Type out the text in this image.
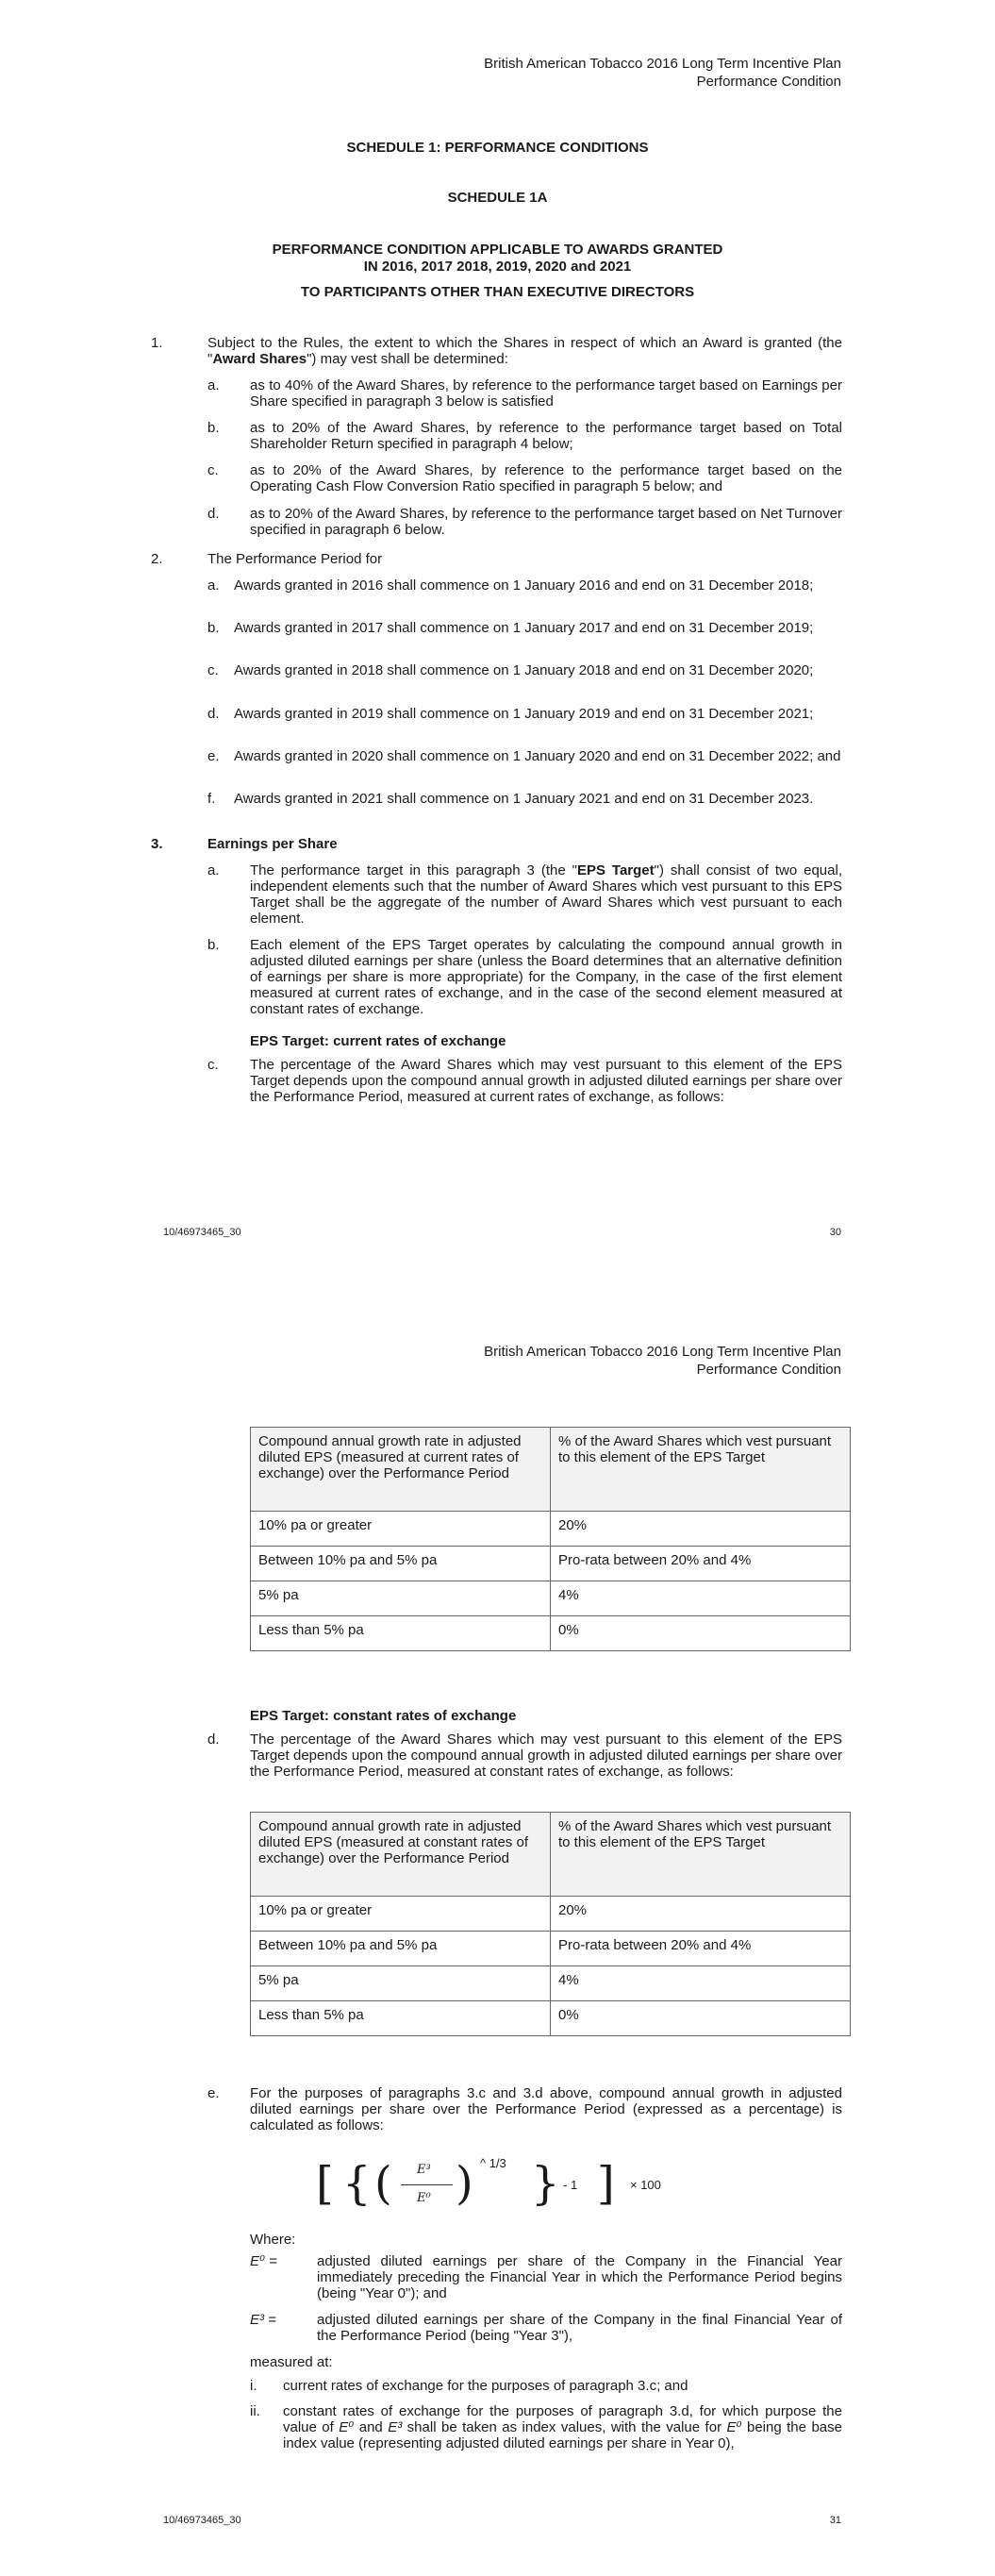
British American Tobacco 2016 Long Term Incentive Plan
Performance Condition
SCHEDULE 1: PERFORMANCE CONDITIONS
SCHEDULE 1A
PERFORMANCE CONDITION APPLICABLE TO AWARDS GRANTED
IN 2016, 2017 2018, 2019, 2020 and 2021
TO PARTICIPANTS OTHER THAN EXECUTIVE DIRECTORS
1.	Subject to the Rules, the extent to which the Shares in respect of which an Award is granted (the "Award Shares") may vest shall be determined:
a. as to 40% of the Award Shares, by reference to the performance target based on Earnings per Share specified in paragraph 3 below is satisfied
b. as to 20% of the Award Shares, by reference to the performance target based on Total Shareholder Return specified in paragraph 4 below;
c. as to 20% of the Award Shares, by reference to the performance target based on the Operating Cash Flow Conversion Ratio specified in paragraph 5 below; and
d. as to 20% of the Award Shares, by reference to the performance target based on Net Turnover specified in paragraph 6 below.
2.	The Performance Period for
a. Awards granted in 2016 shall commence on 1 January 2016 and end on 31 December 2018;
b. Awards granted in 2017 shall commence on 1 January 2017 and end on 31 December 2019;
c. Awards granted in 2018 shall commence on 1 January 2018 and end on 31 December 2020;
d. Awards granted in 2019 shall commence on 1 January 2019 and end on 31 December 2021;
e. Awards granted in 2020 shall commence on 1 January 2020 and end on 31 December 2022; and
f. Awards granted in 2021 shall commence on 1 January 2021 and end on 31 December 2023.
3.	Earnings per Share
a. The performance target in this paragraph 3 (the "EPS Target") shall consist of two equal, independent elements such that the number of Award Shares which vest pursuant to this EPS Target shall be the aggregate of the number of Award Shares which vest pursuant to each element.
b. Each element of the EPS Target operates by calculating the compound annual growth in adjusted diluted earnings per share (unless the Board determines that an alternative definition of earnings per share is more appropriate) for the Company, in the case of the first element measured at current rates of exchange, and in the case of the second element measured at constant rates of exchange.
EPS Target: current rates of exchange
c. The percentage of the Award Shares which may vest pursuant to this element of the EPS Target depends upon the compound annual growth in adjusted diluted earnings per share over the Performance Period, measured at current rates of exchange, as follows:
10/46973465_30	30
British American Tobacco 2016 Long Term Incentive Plan
Performance Condition
Compound annual growth rate in adjusted diluted EPS (measured at current rates of exchange) over the Performance Period	% of the Award Shares which vest pursuant to this element of the EPS Target
10% pa or greater	20%
Between 10% pa and 5% pa	Pro-rata between 20% and 4%
5% pa	4%
Less than 5% pa	0%
EPS Target: constant rates of exchange
d. The percentage of the Award Shares which may vest pursuant to this element of the EPS Target depends upon the compound annual growth in adjusted diluted earnings per share over the Performance Period, measured at constant rates of exchange, as follows:
Compound annual growth rate in adjusted diluted EPS (measured at constant rates of exchange) over the Performance Period	% of the Award Shares which vest pursuant to this element of the EPS Target
10% pa or greater	20%
Between 10% pa and 5% pa	Pro-rata between 20% and 4%
5% pa	4%
Less than 5% pa	0%
e. For the purposes of paragraphs 3.c and 3.d above, compound annual growth in adjusted diluted earnings per share over the Performance Period (expressed as a percentage) is calculated as follows:
[ { ( E³
E⁰ ) ^ 1/3 } - 1 ] × 100
Where:
E⁰ =	adjusted diluted earnings per share of the Company in the Financial Year immediately preceding the Financial Year in which the Performance Period begins (being "Year 0"); and
E³ =	adjusted diluted earnings per share of the Company in the final Financial Year of the Performance Period (being "Year 3"),
measured at:
i. current rates of exchange for the purposes of paragraph 3.c; and
ii. constant rates of exchange for the purposes of paragraph 3.d, for which purpose the value of E⁰ and E³ shall be taken as index values, with the value for E⁰ being the base index value (representing adjusted diluted earnings per share in Year 0),
10/46973465_30	31
